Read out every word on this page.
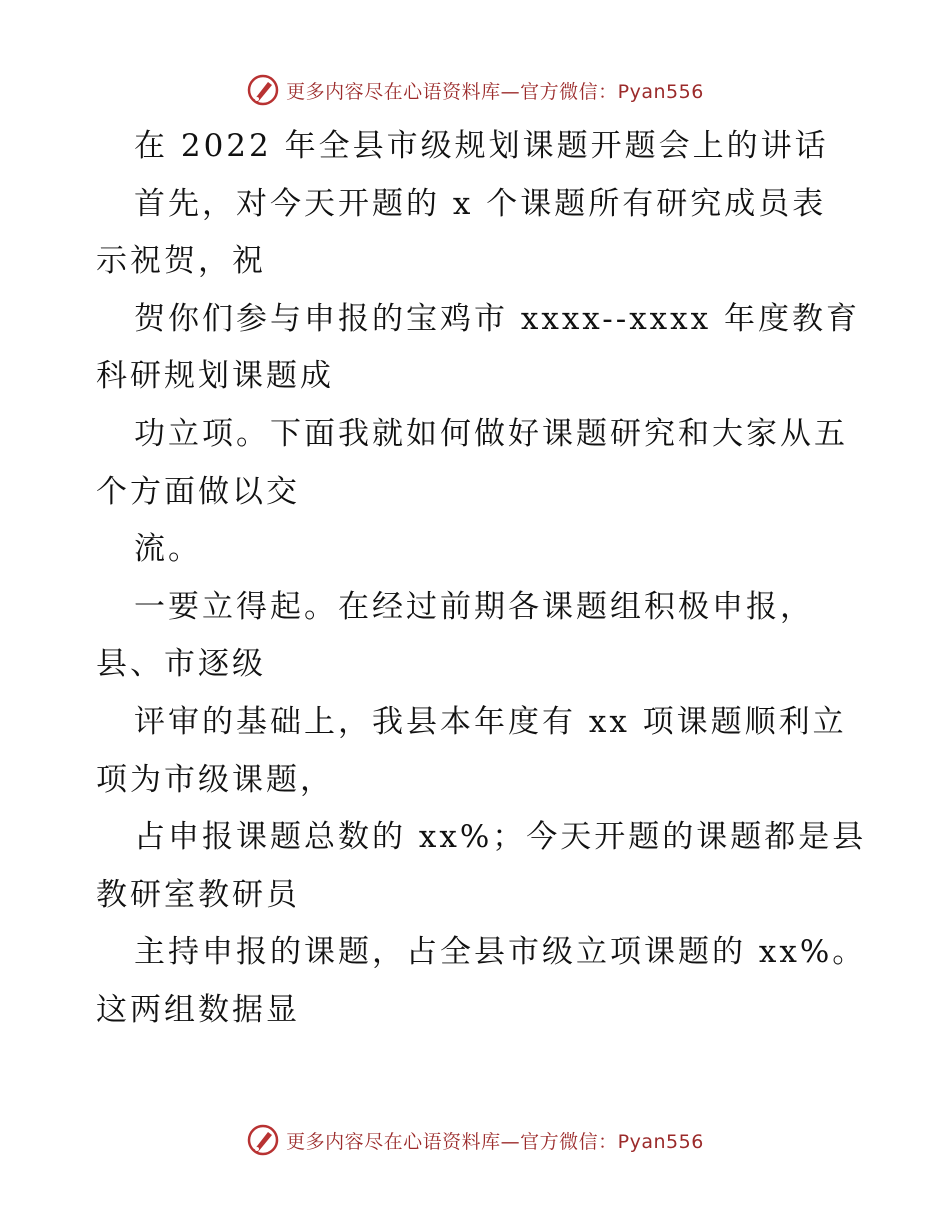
更多内容尽在心语资料库—官方微信：Pyan556
在 2022 年全县市级规划课题开题会上的讲话
首先，对今天开题的 x 个课题所有研究成员表
示祝贺，祝
贺你们参与申报的宝鸡市 xxxx--xxxx 年度教育
科研规划课题成
功立项。下面我就如何做好课题研究和大家从五
个方面做以交
流。
一要立得起。在经过前期各课题组积极申报，
县、市逐级
评审的基础上，我县本年度有 xx 项课题顺利立
项为市级课题，
占申报课题总数的 xx%；今天开题的课题都是县
教研室教研员
主持申报的课题，占全县市级立项课题的 xx%。
这两组数据显
更多内容尽在心语资料库—官方微信：Pyan556
